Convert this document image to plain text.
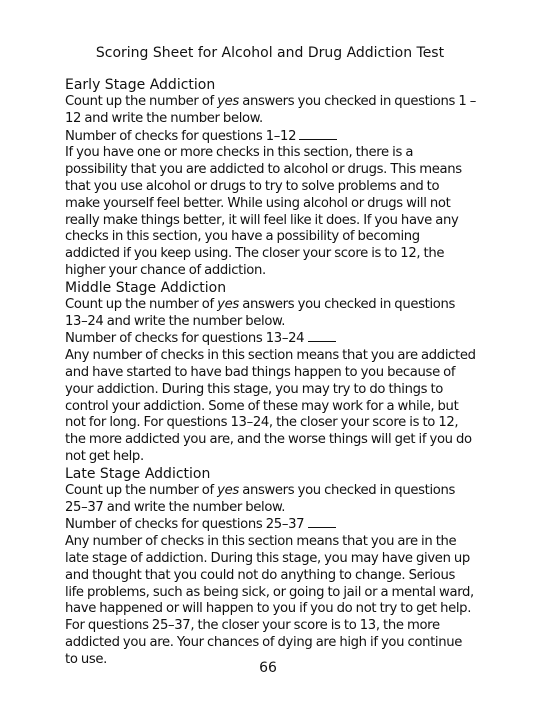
Scoring Sheet for Alcohol and Drug Addiction Test
Early Stage Addiction

Count up the number of yes answers you checked in questions 1 –12 and write the number below.

Number of checks for questions 1–12

If you have one or more checks in this section, there is a possibility that you are addicted to alcohol or drugs. This means that you use alcohol or drugs to try to solve problems and to make yourself feel better. While using alcohol or drugs will not really make things better, it will feel like it does. If you have any checks in this section, you have a possibility of becoming addicted if you keep using. The closer your score is to 12, the higher your chance of addiction.

Middle Stage Addiction

Count up the number of yes answers you checked in questions 13–24 and write the number below.

Number of checks for questions 13–24

Any number of checks in this section means that you are addicted and have started to have bad things happen to you because of your addiction. During this stage, you may try to do things to control your addiction. Some of these may work for a while, but not for long. For questions 13–24, the closer your score is to 12, the more addicted you are, and the worse things will get if you do not get help.

Late Stage Addiction

Count up the number of yes answers you checked in questions 25–37 and write the number below.

Number of checks for questions 25–37

Any number of checks in this section means that you are in the late stage of addiction. During this stage, you may have given up and thought that you could not do anything to change. Serious life problems, such as being sick, or going to jail or a mental ward, have happened or will happen to you if you do not try to get help. For questions 25–37, the closer your score is to 13, the more addicted you are. Your chances of dying are high if you continue to use.

66
